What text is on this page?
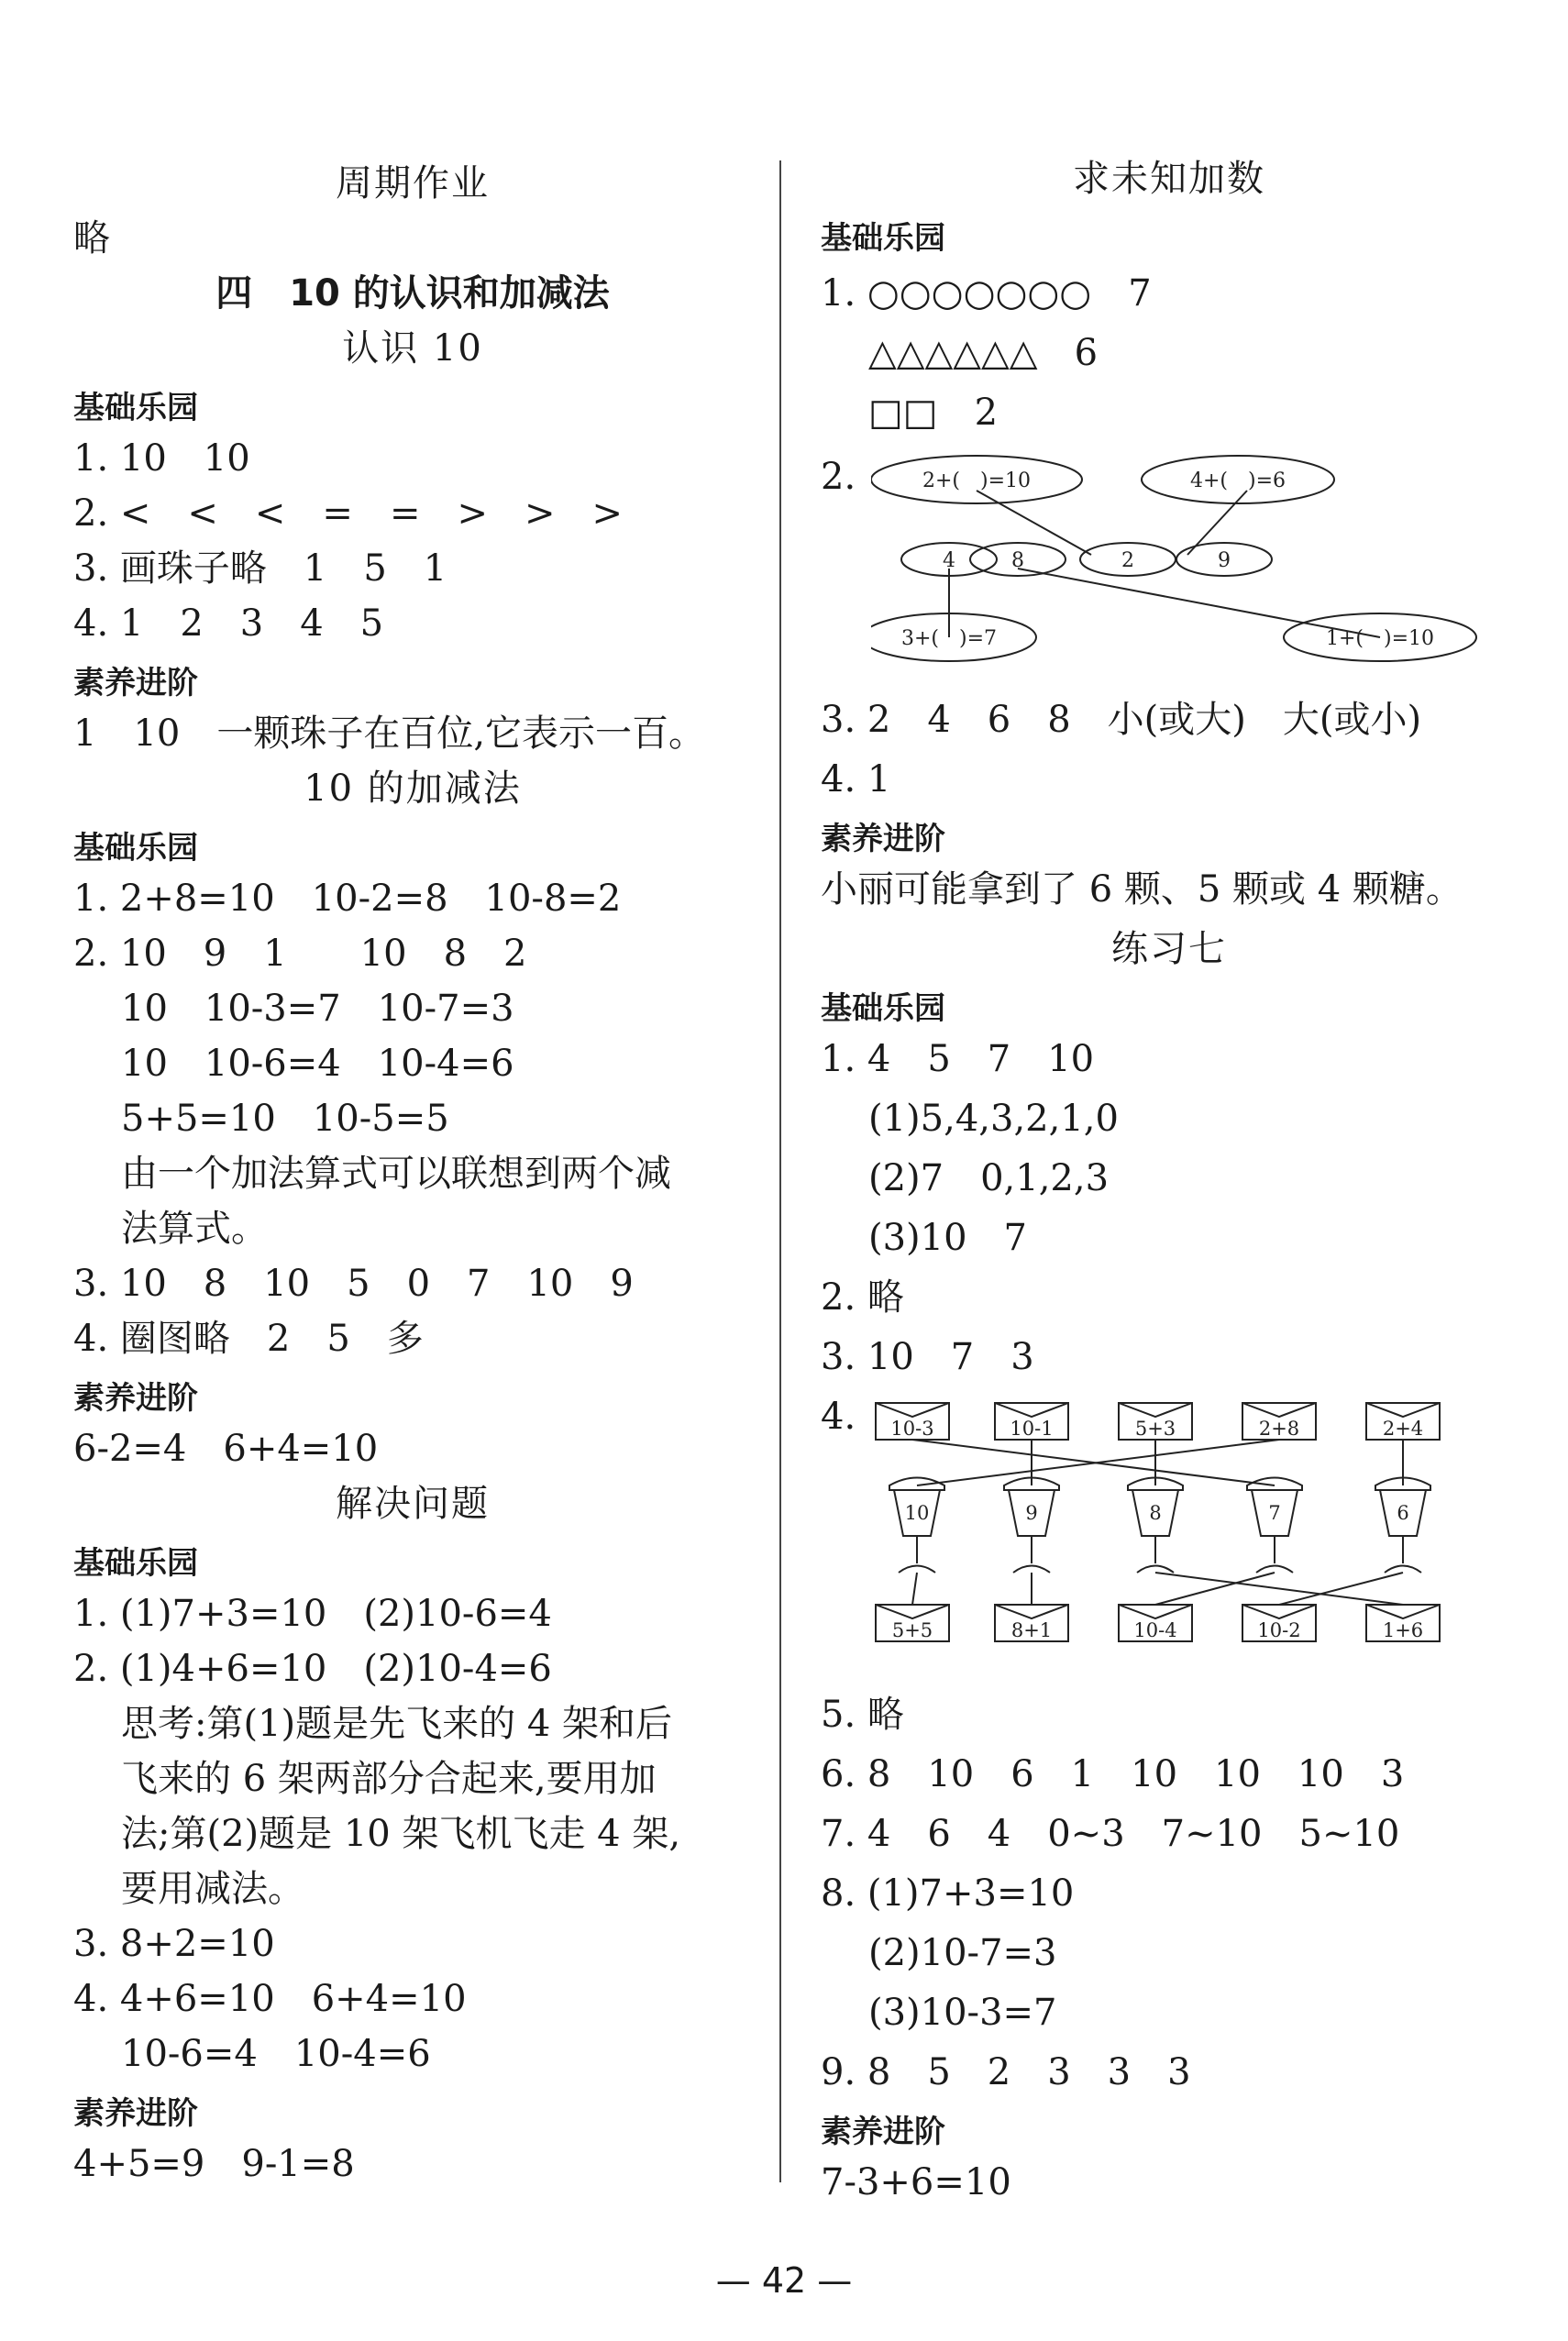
周期作业
略
四　10 的认识和加减法
认识 10
基础乐园
1. 10　10
2. <　<　<　=　=　>　>　>
3. 画珠子略　1　5　1
4. 1　2　3　4　5
素养进阶
1　10　一颗珠子在百位,它表示一百。
10 的加减法
基础乐园
1. 2+8=10　10-2=8　10-8=2
2. 10　9　1　　10　8　2
10　10-3=7　10-7=3
10　10-6=4　10-4=6
5+5=10　10-5=5
由一个加法算式可以联想到两个减
法算式。
3. 10　8　10　5　0　7　10　9
4. 圈图略　2　5　多
素养进阶
6-2=4　6+4=10
解决问题
基础乐园
1. (1)7+3=10　(2)10-6=4
2. (1)4+6=10　(2)10-4=6
思考:第(1)题是先飞来的 4 架和后
飞来的 6 架两部分合起来,要用加
法;第(2)题是 10 架飞机飞走 4 架,
要用减法。
3. 8+2=10
4. 4+6=10　6+4=10
10-6=4　10-4=6
素养进阶
4+5=9　9-1=8
求未知加数
基础乐园
1. ○○○○○○○　7
△△△△△△　6
□□　2
2.	2+(　)=10	4+(　)=6
3+(　)=7	1+(　)=10
4	8	2	9
3. 2　4　6　8　小(或大)　大(或小)
4. 1
素养进阶
小丽可能拿到了 6 颗、5 颗或 4 颗糖。
练习七
基础乐园
1. 4　5　7　10
(1)5,4,3,2,1,0
(2)7　0,1,2,3
(3)10　7
2. 略
3. 10　7　3
4. 10-3	10-1	5+3	2+8	2+4
10	9	8	7	6
5+5	8+1	10-4	10-2	1+6
5. 略
6. 8　10　6　1　10　10　10　3
7. 4　6　4　0~3　7~10　5~10
8. (1)7+3=10
(2)10-7=3
(3)10-3=7
9. 8　5　2　3　3　3
素养进阶
7-3+6=10
— 42 —
